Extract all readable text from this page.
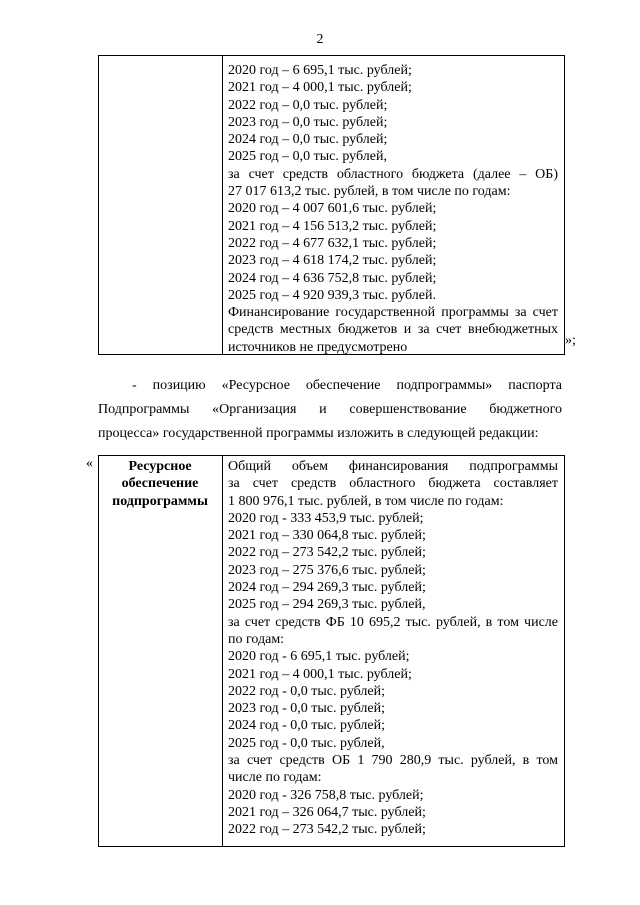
2
2020 год – 6 695,1 тыс. рублей;
2021 год – 4 000,1 тыс. рублей;
2022 год – 0,0 тыс. рублей;
2023 год – 0,0 тыс. рублей;
2024 год – 0,0 тыс. рублей;
2025 год – 0,0 тыс. рублей,
за счет средств областного бюджета (далее – ОБ)
27 017 613,2 тыс. рублей, в том числе по годам:
2020 год – 4 007 601,6 тыс. рублей;
2021 год – 4 156 513,2 тыс. рублей;
2022 год – 4 677 632,1 тыс. рублей;
2023 год – 4 618 174,2 тыс. рублей;
2024 год – 4 636 752,8 тыс. рублей;
2025 год – 4 920 939,3 тыс. рублей.
Финансирование государственной программы за счет
средств местных бюджетов и за счет внебюджетных
источников не предусмотрено	»;
- позицию «Ресурсное обеспечение подпрограммы» паспорта
Подпрограммы «Организация и совершенствование бюджетного
процесса» государственной программы изложить в следующей редакции:
«	Ресурсное обеспечение подпрограммы
Общий объем финансирования подпрограммы
за счет средств областного бюджета составляет
1 800 976,1 тыс. рублей, в том числе по годам:
2020 год - 333 453,9 тыс. рублей;
2021 год – 330 064,8 тыс. рублей;
2022 год – 273 542,2 тыс. рублей;
2023 год – 275 376,6 тыс. рублей;
2024 год – 294 269,3 тыс. рублей;
2025 год – 294 269,3 тыс. рублей,
за счет средств ФБ 10 695,2 тыс. рублей, в том числе
по годам:
2020 год - 6 695,1 тыс. рублей;
2021 год – 4 000,1 тыс. рублей;
2022 год - 0,0 тыс. рублей;
2023 год - 0,0 тыс. рублей;
2024 год - 0,0 тыс. рублей;
2025 год - 0,0 тыс. рублей,
за счет средств ОБ 1 790 280,9 тыс. рублей, в том
числе по годам:
2020 год - 326 758,8 тыс. рублей;
2021 год – 326 064,7 тыс. рублей;
2022 год – 273 542,2 тыс. рублей;
